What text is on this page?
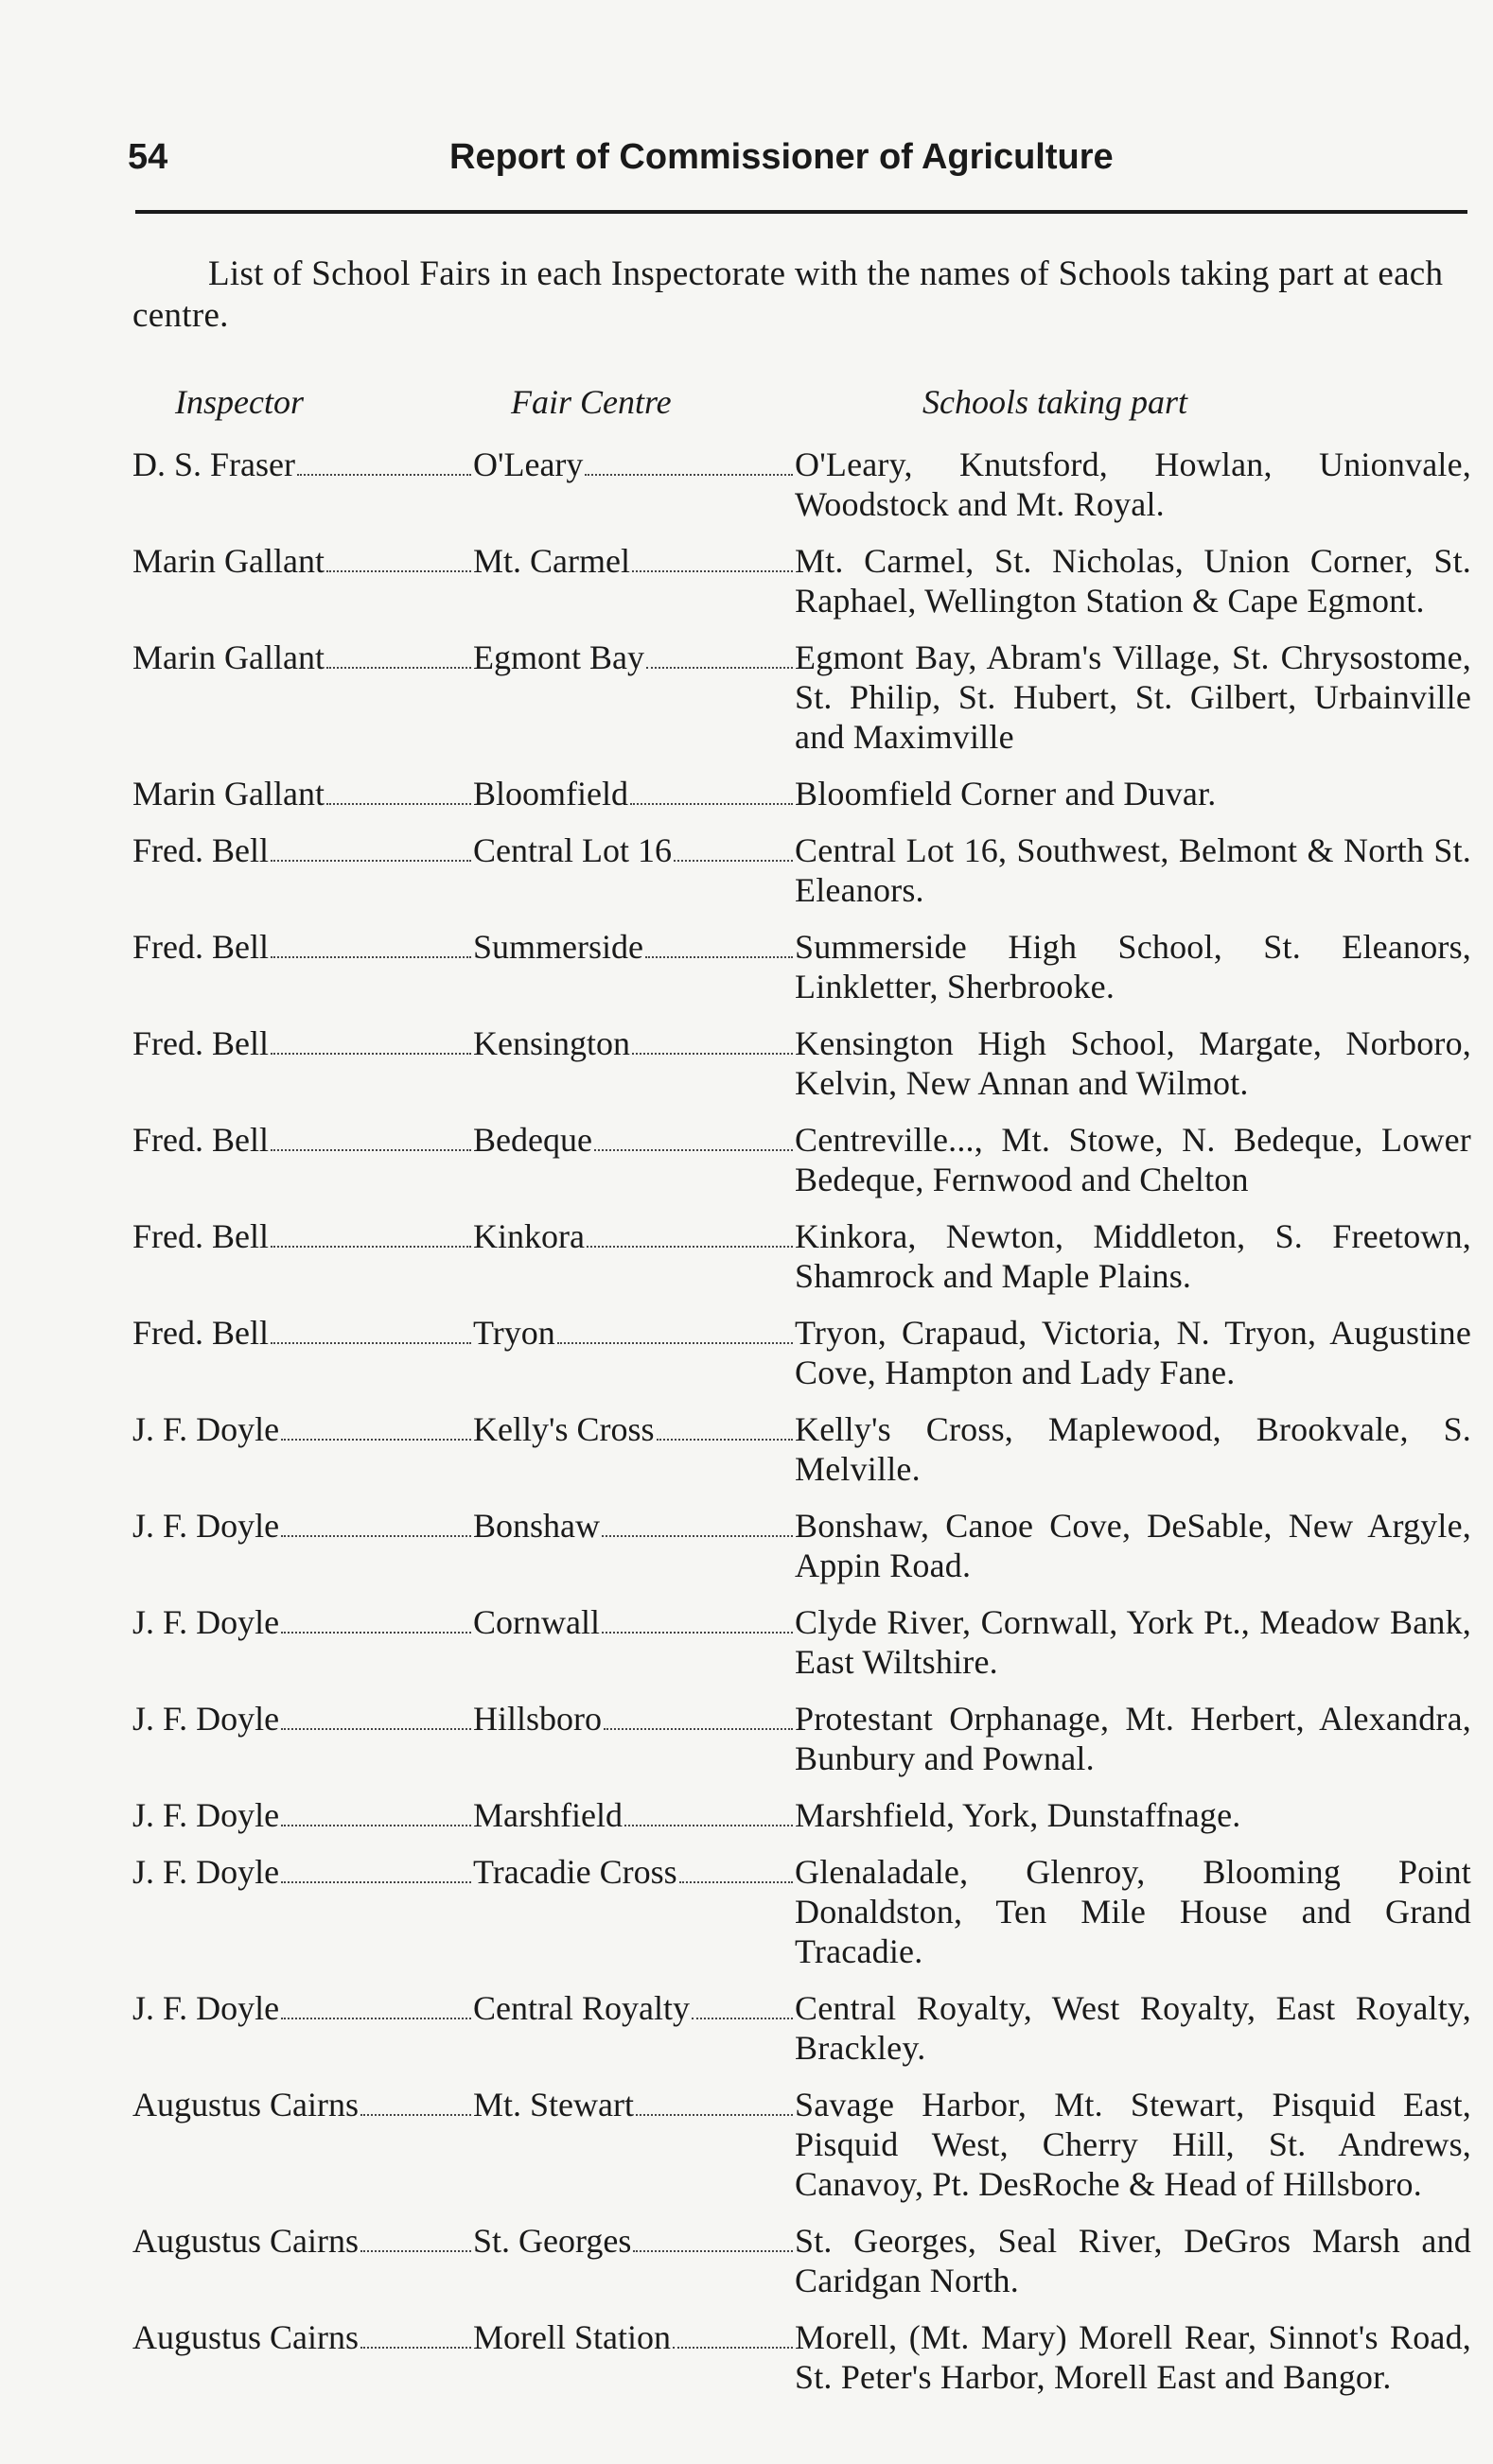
54	Report of Commissioner of Agriculture

List of School Fairs in each Inspectorate with the names of Schools taking part at each centre.

Inspector	Fair Centre	Schools taking part
D. S. Fraser	O'Leary	O'Leary, Knutsford, Howlan, Unionvale, Woodstock and Mt. Royal.
Marin Gallant	Mt. Carmel	Mt. Carmel, St. Nicholas, Union Corner, St. Raphael, Wellington Station & Cape Egmont.
Marin Gallant	Egmont Bay	Egmont Bay, Abram's Village, St. Chrysostome, St. Philip, St. Hubert, St. Gilbert, Urbainville and Maximville
Marin Gallant	Bloomfield	Bloomfield Corner and Duvar.
Fred. Bell	Central Lot 16	Central Lot 16, Southwest, Belmont & North St. Eleanors.
Fred. Bell	Summerside	Summerside High School, St. Eleanors, Linkletter, Sherbrooke.
Fred. Bell	Kensington	Kensington High School, Margate, Norboro, Kelvin, New Annan and Wilmot.
Fred. Bell	Bedeque	Centreville..., Mt. Stowe, N. Bedeque, Lower Bedeque, Fernwood and Chelton
Fred. Bell	Kinkora	Kinkora, Newton, Middleton, S. Freetown, Shamrock and Maple Plains.
Fred. Bell	Tryon	Tryon, Crapaud, Victoria, N. Tryon, Augustine Cove, Hampton and Lady Fane.
J. F. Doyle	Kelly's Cross	Kelly's Cross, Maplewood, Brookvale, S. Melville.
J. F. Doyle	Bonshaw	Bonshaw, Canoe Cove, DeSable, New Argyle, Appin Road.
J. F. Doyle	Cornwall	Clyde River, Cornwall, York Pt., Meadow Bank, East Wiltshire.
J. F. Doyle	Hillsboro	Protestant Orphanage, Mt. Herbert, Alexandra, Bunbury and Pownal.
J. F. Doyle	Marshfield	Marshfield, York, Dunstaffnage.
J. F. Doyle	Tracadie Cross	Glenaladale, Glenroy, Blooming Point Donaldston, Ten Mile House and Grand Tracadie.
J. F. Doyle	Central Royalty	Central Royalty, West Royalty, East Royalty, Brackley.
Augustus Cairns	Mt. Stewart	Savage Harbor, Mt. Stewart, Pisquid East, Pisquid West, Cherry Hill, St. Andrews, Canavoy, Pt. DesRoche & Head of Hillsboro.
Augustus Cairns	St. Georges	St. Georges, Seal River, DeGros Marsh and Caridgan North.
Augustus Cairns	Morell Station	Morell, (Mt. Mary) Morell Rear, Sinnot's Road, St. Peter's Harbor, Morell East and Bangor.
